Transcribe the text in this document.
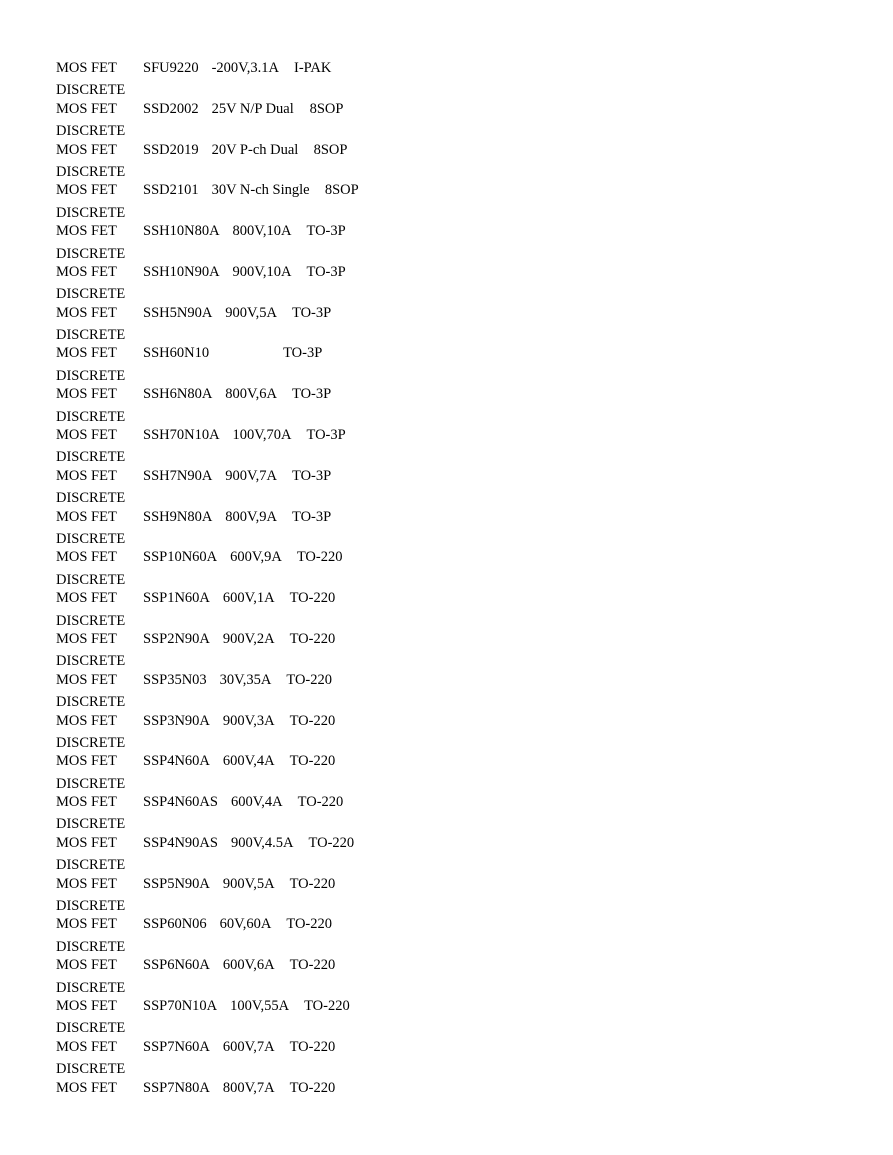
MOS FET SFU9220 -200V,3.1A I-PAK
DISCRETE
MOS FET SSD2002 25V N/P Dual 8SOP
DISCRETE
MOS FET SSD2019 20V P-ch Dual 8SOP
DISCRETE
MOS FET SSD2101 30V N-ch Single 8SOP
DISCRETE
MOS FET SSH10N80A 800V,10A TO-3P
DISCRETE
MOS FET SSH10N90A 900V,10A TO-3P
DISCRETE
MOS FET SSH5N90A 900V,5A TO-3P
DISCRETE
MOS FET SSH60N10	TO-3P
DISCRETE
MOS FET SSH6N80A 800V,6A TO-3P
DISCRETE
MOS FET SSH70N10A 100V,70A TO-3P
DISCRETE
MOS FET SSH7N90A 900V,7A TO-3P
DISCRETE
MOS FET SSH9N80A 800V,9A TO-3P
DISCRETE
MOS FET SSP10N60A 600V,9A TO-220
DISCRETE
MOS FET SSP1N60A 600V,1A TO-220
DISCRETE
MOS FET SSP2N90A 900V,2A TO-220
DISCRETE
MOS FET SSP35N03 30V,35A TO-220
DISCRETE
MOS FET SSP3N90A 900V,3A TO-220
DISCRETE
MOS FET SSP4N60A 600V,4A TO-220
DISCRETE
MOS FET SSP4N60AS 600V,4A TO-220
DISCRETE
MOS FET SSP4N90AS 900V,4.5A TO-220
DISCRETE
MOS FET SSP5N90A 900V,5A TO-220
DISCRETE
MOS FET SSP60N06 60V,60A TO-220
DISCRETE
MOS FET SSP6N60A 600V,6A TO-220
DISCRETE
MOS FET SSP70N10A 100V,55A TO-220
DISCRETE
MOS FET SSP7N60A 600V,7A TO-220
DISCRETE
MOS FET SSP7N80A 800V,7A TO-220
